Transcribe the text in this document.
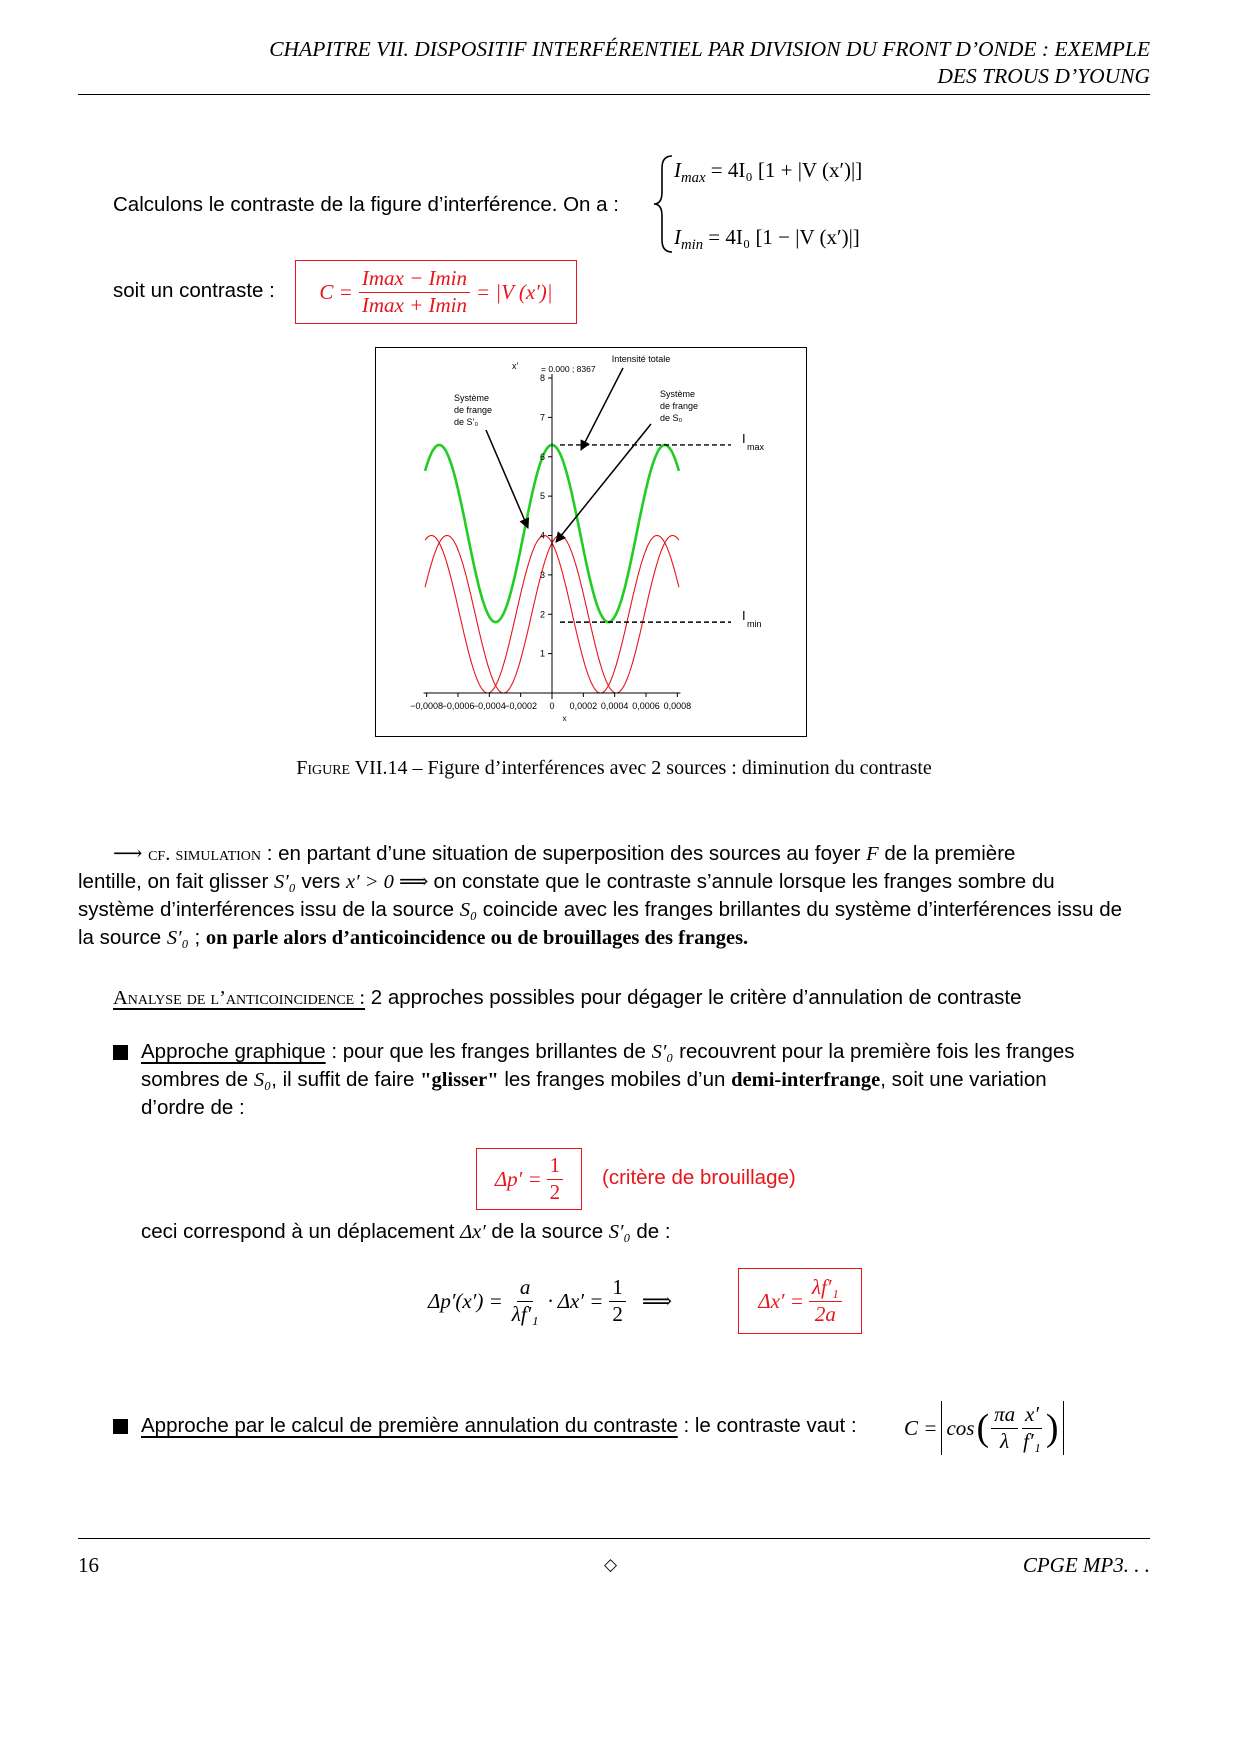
CHAPITRE VII. DISPOSITIF INTERFÉRENTIEL PAR DIVISION DU FRONT D’ONDE : EXEMPLE
DES TROUS D’YOUNG
Calculons le contraste de la figure d’interférence. On a :
$I_{max} = 4I_0$ [1 + |V (x′)|]
$I_{min} = 4I_0$ [1 − |V (x′)|]
soit un contraste : $C = \frac{Imax - Imin}{Imax + Imin} = |V$ (x′)|
1
2
3
4
5
6
7
8
−0,0008
−0,0006
−0,0004
−0,0002 0 0,0002 0,0004 0,0006 0,0008
x
x’	= 0.000 ; 8367
I
max
I
min
Intensité totale
Système
de frange
de S’₀
Système
de frange
de S₀
Figure VII.14 – Figure d’interférences avec 2 sources : diminution du contraste
⟶ cf. simulation : en partant d’une situation de superposition des sources au foyer F de la première
lentille, on fait glisser S′₀ vers x′ > 0 ⟹ on constate que le contraste s’annule lorsque les franges sombre du
système d’interférences issu de la source S₀ coincide avec les franges brillantes du système d’interférences issu de
la source S′₀ ; on parle alors d’anticoincidence ou de brouillages des franges.
Analyse de l’anticoincidence : 2 approches possibles pour dégager le critère d’annulation de contraste
Approche graphique : pour que les franges brillantes de S′₀ recouvrent pour la première fois les franges
sombres de S₀, il suffit de faire "glisser" les franges mobiles d’un demi-interfrange, soit une variation
d’ordre de :
$\Delta p' = \frac{1}{2}$ (critère de brouillage)
ceci correspond à un déplacement Δx′ de la source S′₀ de :
$\Delta p'(x') = \frac{a}{\text{λf′₁}} \cdot \Delta x' = \frac{1}{2}$ ⟹	$\Delta x' = \frac{\text{λf′₁}}{2a}$
Approche par le calcul de première annulation du contraste : le contraste vaut : C = cos ( $\frac{\pi a}{\lambda} \frac{x'}{\text{f′₁}}$ )
16	◇	CPGE MP3. . .
